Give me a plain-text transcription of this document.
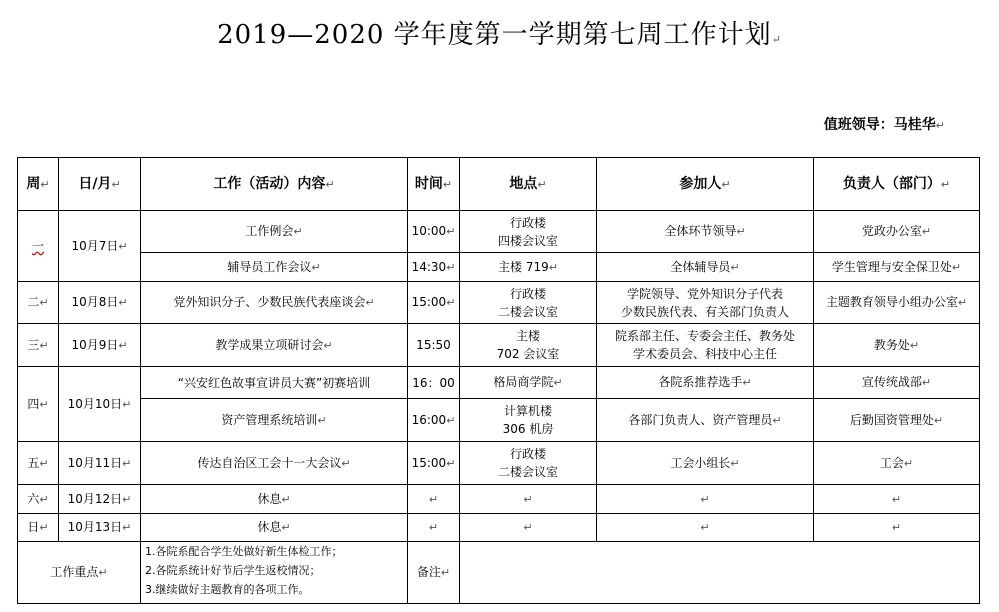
2019—2020 学年度第一学期第七周工作计划↵
值班领导：马桂华↵
周↵	日/月↵	工作（活动）内容↵	时间↵	地点↵	参加人↵	负责人（部门）↵
一	10月7日↵	工作例会↵	10:00↵	行政楼
四楼会议室	全体环节领导↵	党政办公室↵
		辅导员工作会议↵	14:30↵	主楼 719↵	全体辅导员↵	学生管理与安全保卫处↵
二↵	10月8日↵	党外知识分子、少数民族代表座谈会↵	15:00↵	行政楼
二楼会议室	学院领导、党外知识分子代表
少数民族代表、有关部门负责人	主题教育领导小组办公室↵
三↵	10月9日↵	教学成果立项研讨会↵	15:50	主楼
702 会议室	院系部主任、专委会主任、教务处
学术委员会、科技中心主任	教务处↵
四↵	10月10日↵	“兴安红色故事宣讲员大赛”初赛培训	16：00	格局商学院↵	各院系推荐选手↵	宣传统战部↵
		资产管理系统培训↵	16:00↵	计算机楼
306 机房	各部门负责人、资产管理员↵	后勤国资管理处↵
五↵	10月11日↵	传达自治区工会十一大会议↵	15:00↵	行政楼
二楼会议室	工会小组长↵	工会↵
六↵	10月12日↵	休息↵	↵	↵	↵	↵
日↵	10月13日↵	休息↵	↵	↵	↵	↵
工作重点↵		1.各院系配合学生处做好新生体检工作；
2.各院系统计好节后学生返校情况；
3.继续做好主题教育的各项工作。	备注↵			
